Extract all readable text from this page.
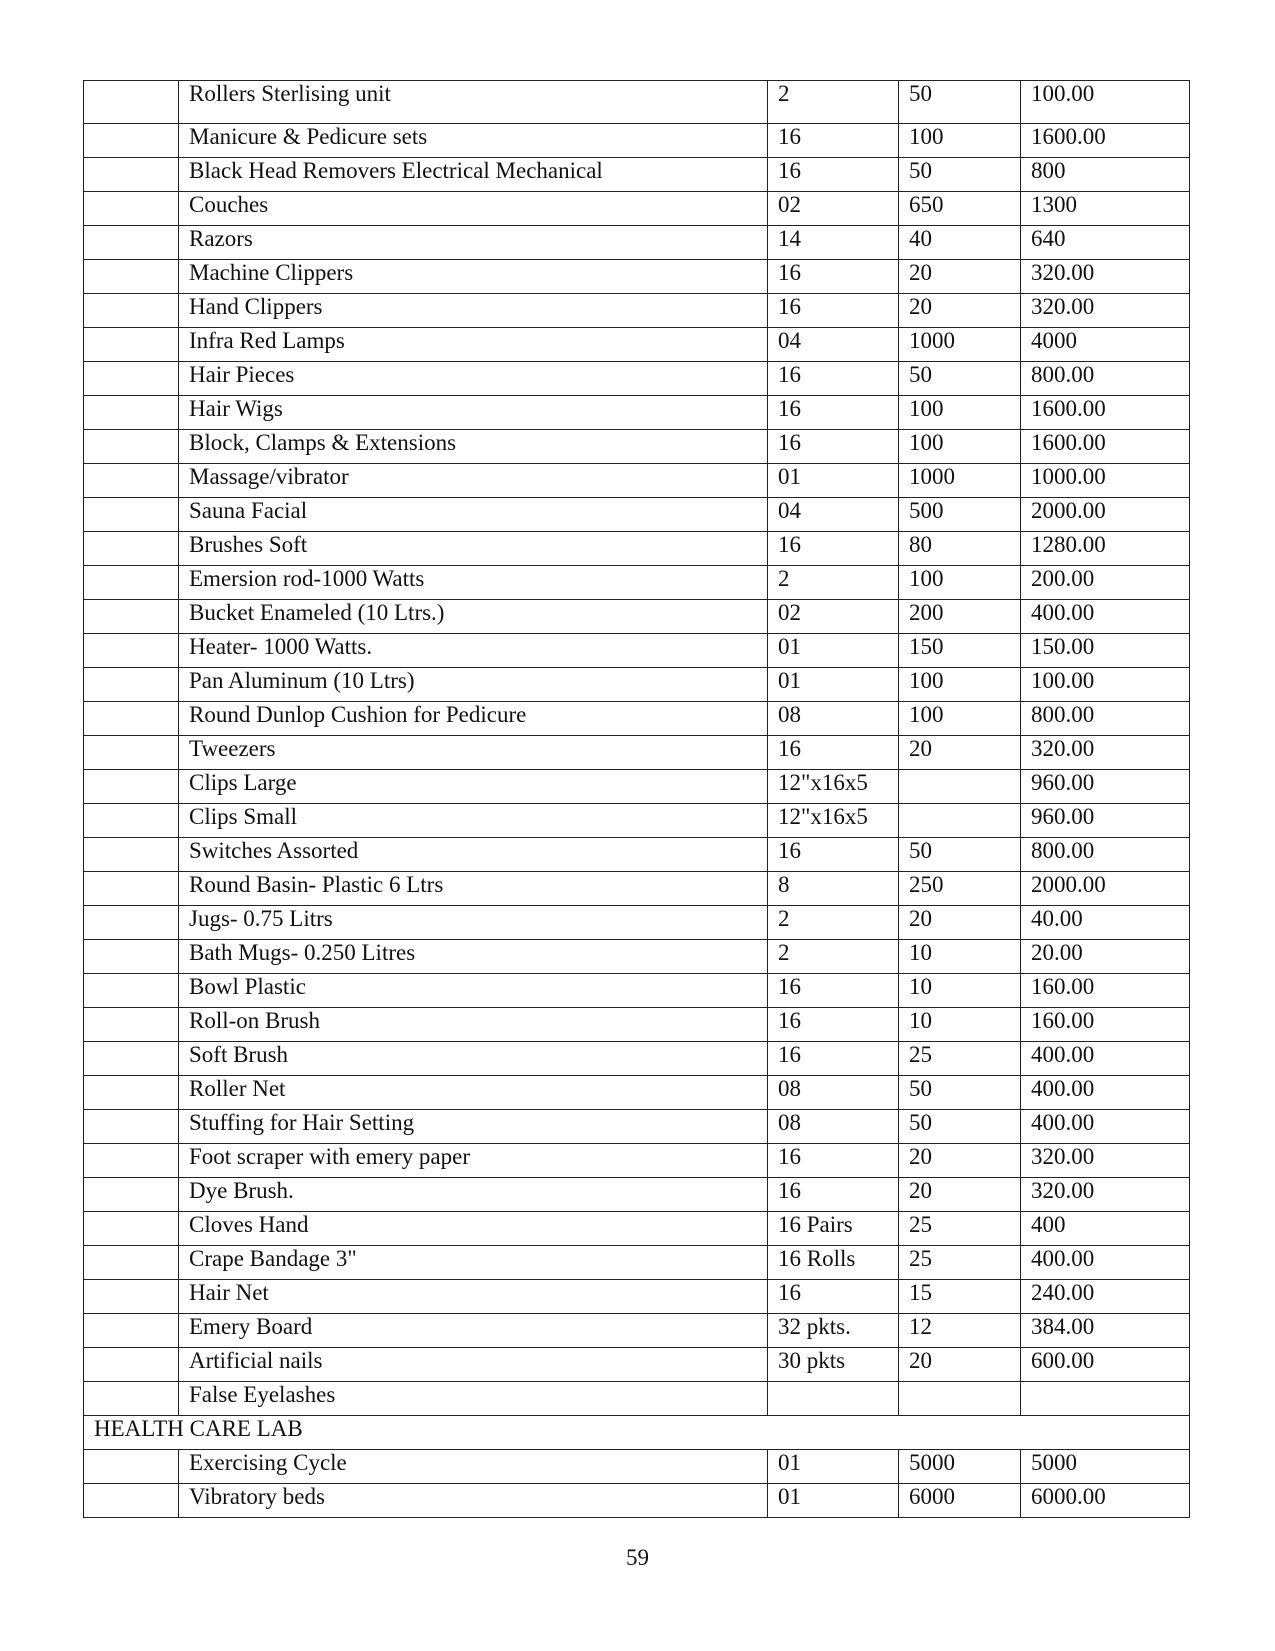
	Rollers Sterlising unit	2	50	100.00
	Manicure & Pedicure sets	16	100	1600.00
	Black Head Removers Electrical Mechanical	16	50	800
	Couches	02	650	1300
	Razors	14	40	640
	Machine Clippers	16	20	320.00
	Hand Clippers	16	20	320.00
	Infra Red Lamps	04	1000	4000
	Hair Pieces	16	50	800.00
	Hair Wigs	16	100	1600.00
	Block, Clamps & Extensions	16	100	1600.00
	Massage/vibrator	01	1000	1000.00
	Sauna Facial	04	500	2000.00
	Brushes Soft	16	80	1280.00
	Emersion rod-1000 Watts	2	100	200.00
	Bucket Enameled (10 Ltrs.)	02	200	400.00
	Heater- 1000 Watts.	01	150	150.00
	Pan Aluminum (10 Ltrs)	01	100	100.00
	Round Dunlop Cushion for Pedicure	08	100	800.00
	Tweezers	16	20	320.00
	Clips Large	12"x16x5		960.00
	Clips Small	12"x16x5		960.00
	Switches Assorted	16	50	800.00
	Round Basin- Plastic 6 Ltrs	8	250	2000.00
	Jugs- 0.75 Litrs	2	20	40.00
	Bath Mugs- 0.250 Litres	2	10	20.00
	Bowl Plastic	16	10	160.00
	Roll-on Brush	16	10	160.00
	Soft Brush	16	25	400.00
	Roller Net	08	50	400.00
	Stuffing for Hair Setting	08	50	400.00
	Foot scraper with emery paper	16	20	320.00
	Dye Brush.	16	20	320.00
	Cloves Hand	16 Pairs	25	400
	Crape Bandage 3"	16 Rolls	25	400.00
	Hair Net	16	15	240.00
	Emery Board	32 pkts.	12	384.00
	Artificial nails	30 pkts	20	600.00
	False Eyelashes			
HEALTH CARE LAB				
	Exercising Cycle	01	5000	5000
	Vibratory beds	01	6000	6000.00
59
